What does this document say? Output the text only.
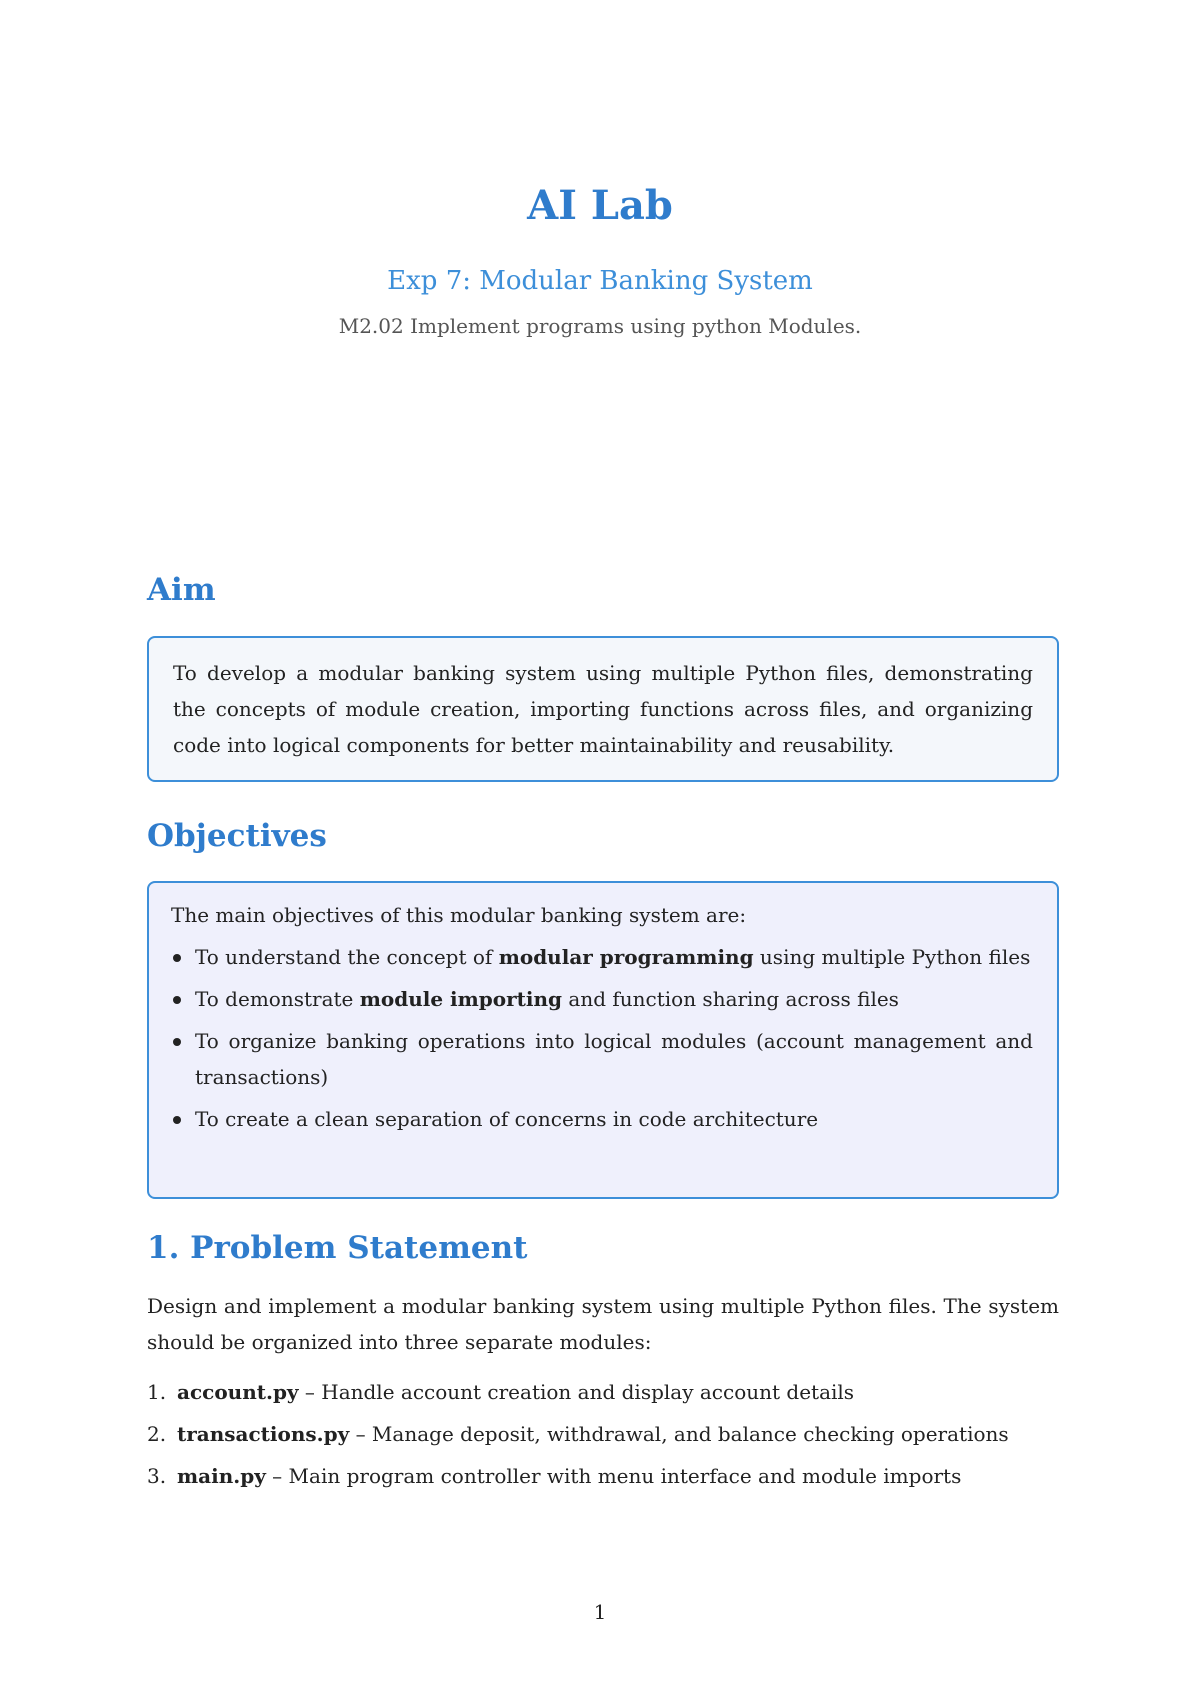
AI Lab
Exp 7: Modular Banking System
M2.02 Implement programs using python Modules.
Aim
To develop a modular banking system using multiple Python files, demonstrating the concepts of module creation, importing functions across files, and organizing code into logical components for better maintainability and reusability.
Objectives
The main objectives of this modular banking system are:
To understand the concept of modular programming using multiple Python files
To demonstrate module importing and function sharing across files
To organize banking operations into logical modules (account management and transactions)
To create a clean separation of concerns in code architecture
1. Problem Statement
Design and implement a modular banking system using multiple Python files. The system should be organized into three separate modules:
1. account.py – Handle account creation and display account details
2. transactions.py – Manage deposit, withdrawal, and balance checking operations
3. main.py – Main program controller with menu interface and module imports
1
